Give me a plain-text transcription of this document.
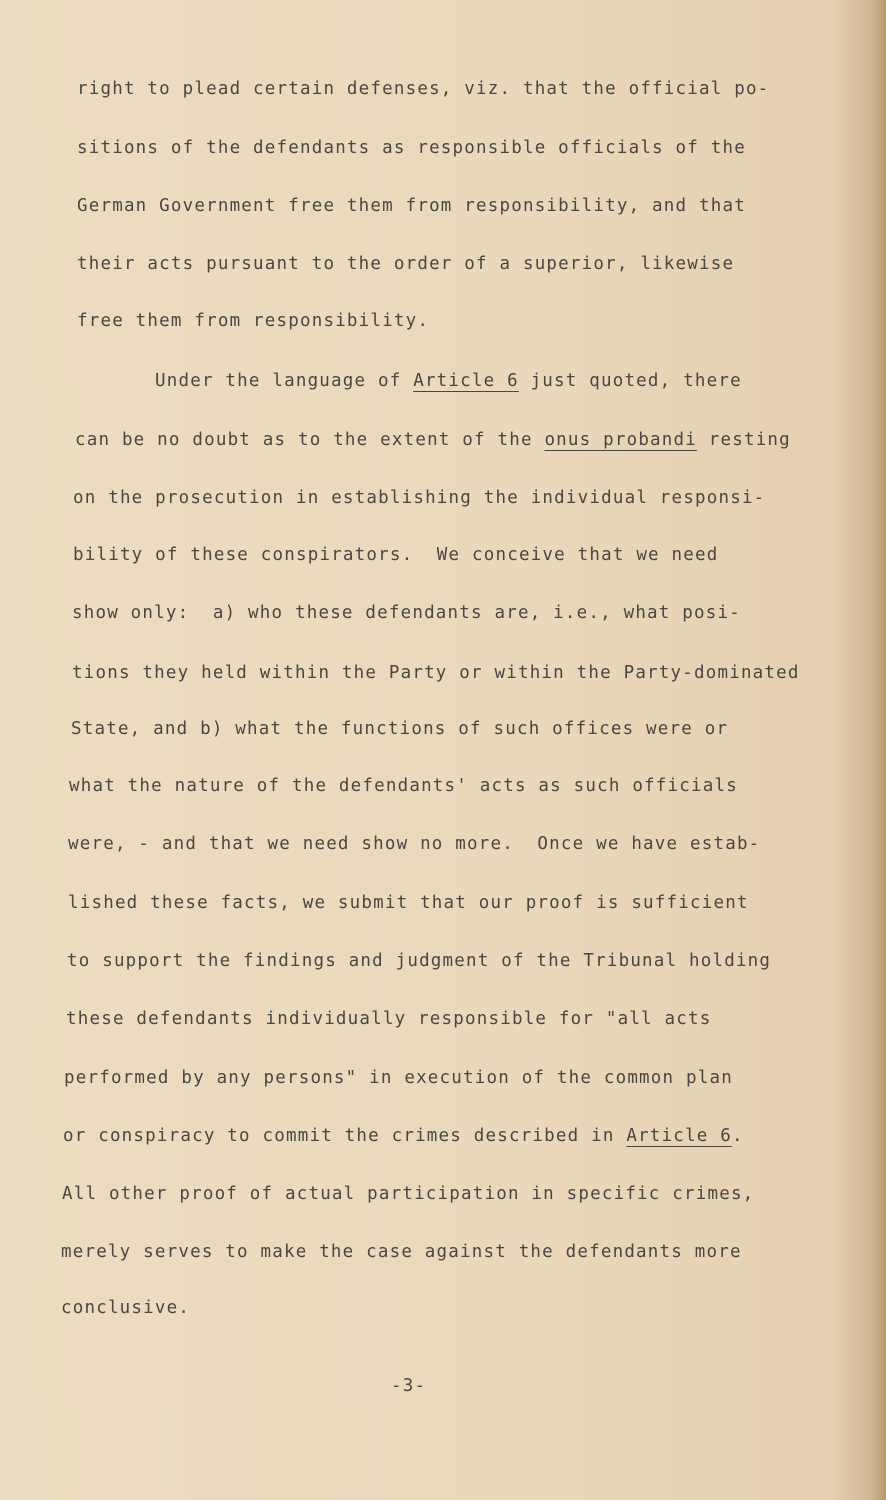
right to plead certain defenses, viz. that the official po-
sitions of the defendants as responsible officials of the
German Government free them from responsibility, and that
their acts pursuant to the order of a superior, likewise
free them from responsibility.
Under the language of Article 6 just quoted, there
can be no doubt as to the extent of the onus probandi resting
on the prosecution in establishing the individual responsi-
bility of these conspirators.  We conceive that we need
show only:  a) who these defendants are, i.e., what posi-
tions they held within the Party or within the Party-dominated
State, and b) what the functions of such offices were or
what the nature of the defendants' acts as such officials
were, - and that we need show no more.  Once we have estab-
lished these facts, we submit that our proof is sufficient
to support the findings and judgment of the Tribunal holding
these defendants individually responsible for "all acts
performed by any persons" in execution of the common plan
or conspiracy to commit the crimes described in Article 6.
All other proof of actual participation in specific crimes,
merely serves to make the case against the defendants more
conclusive.
-3-
